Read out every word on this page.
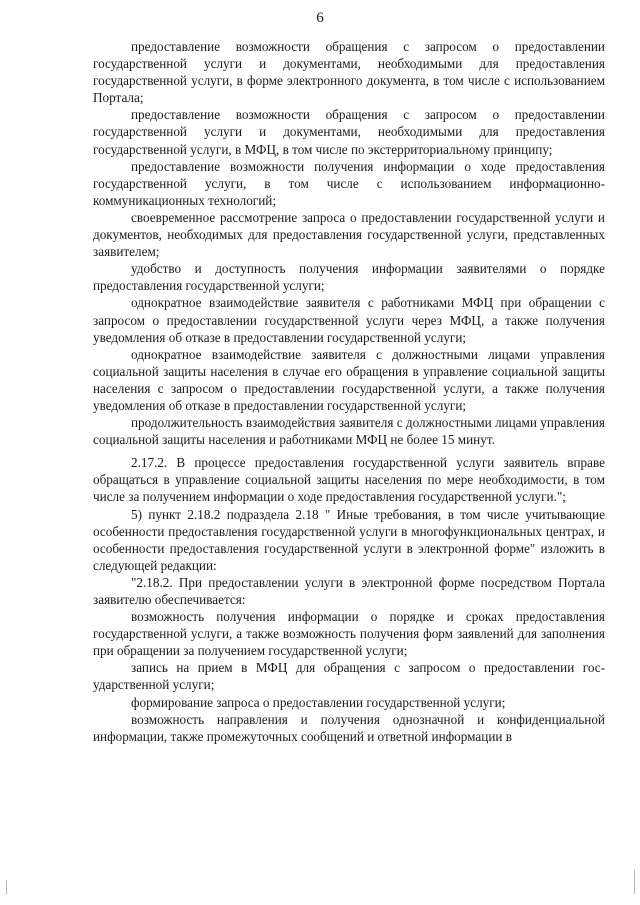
6

предоставление возможности обращения с запросом о предоставлении государственной услуги и документами, необходимыми для предоставления государственной услуги, в форме электронного документа, в том числе с использованием Портала;

предоставление возможности обращения с запросом о предоставлении государственной услуги и документами, необходимыми для предоставления государственной услуги, в МФЦ, в том числе по экстерриториальному принципу;

предоставление возможности получения информации о ходе предоставления государственной услуги, в том числе с использованием информационно-коммуникационных технологий;

своевременное рассмотрение запроса о предоставлении государственной услуги и документов, необходимых для предоставления государственной услуги, представленных заявителем;

удобство и доступность получения информации заявителями о порядке предоставления государственной услуги;

однократное взаимодействие заявителя с работниками МФЦ при обращении с запросом о предоставлении государственной услуги через МФЦ, а также получения уведомления об отказе в предоставлении государственной услуги;

однократное взаимодействие заявителя с должностными лицами управления социальной защиты населения в случае его обращения в управление социальной защиты населения с запросом о предоставлении государственной услуги, а также получения уведомления об отказе в предоставлении государственной услуги;

продолжительность взаимодействия заявителя с должностными лицами управления социальной защиты населения и работниками МФЦ не более 15 минут.

2.17.2. В процессе предоставления государственной услуги заявитель вправе обращаться в управление социальной защиты населения по мере необходимости, в том числе за получением информации о ходе предоставления государственной услуги.";

5) пункт 2.18.2 подраздела 2.18 " Иные требования, в том числе учитывающие особенности предоставления государственной услуги в многофункциональных центрах, и особенности предоставления государственной услуги в электронной форме" изложить в следующей редакции:

"2.18.2. При предоставлении услуги в электронной форме посредством Портала заявителю обеспечивается:

возможность получения информации о порядке и сроках предоставления государственной услуги, а также возможность получения форм заявлений для заполнения при обращении за получением государственной услуги;

запись на прием в МФЦ для обращения с запросом о предоставлении государственной услуги;

формирование запроса о предоставлении государственной услуги;

возможность направления и получения однозначной и конфиденциальной информации, также промежуточных сообщений и ответной информации в
